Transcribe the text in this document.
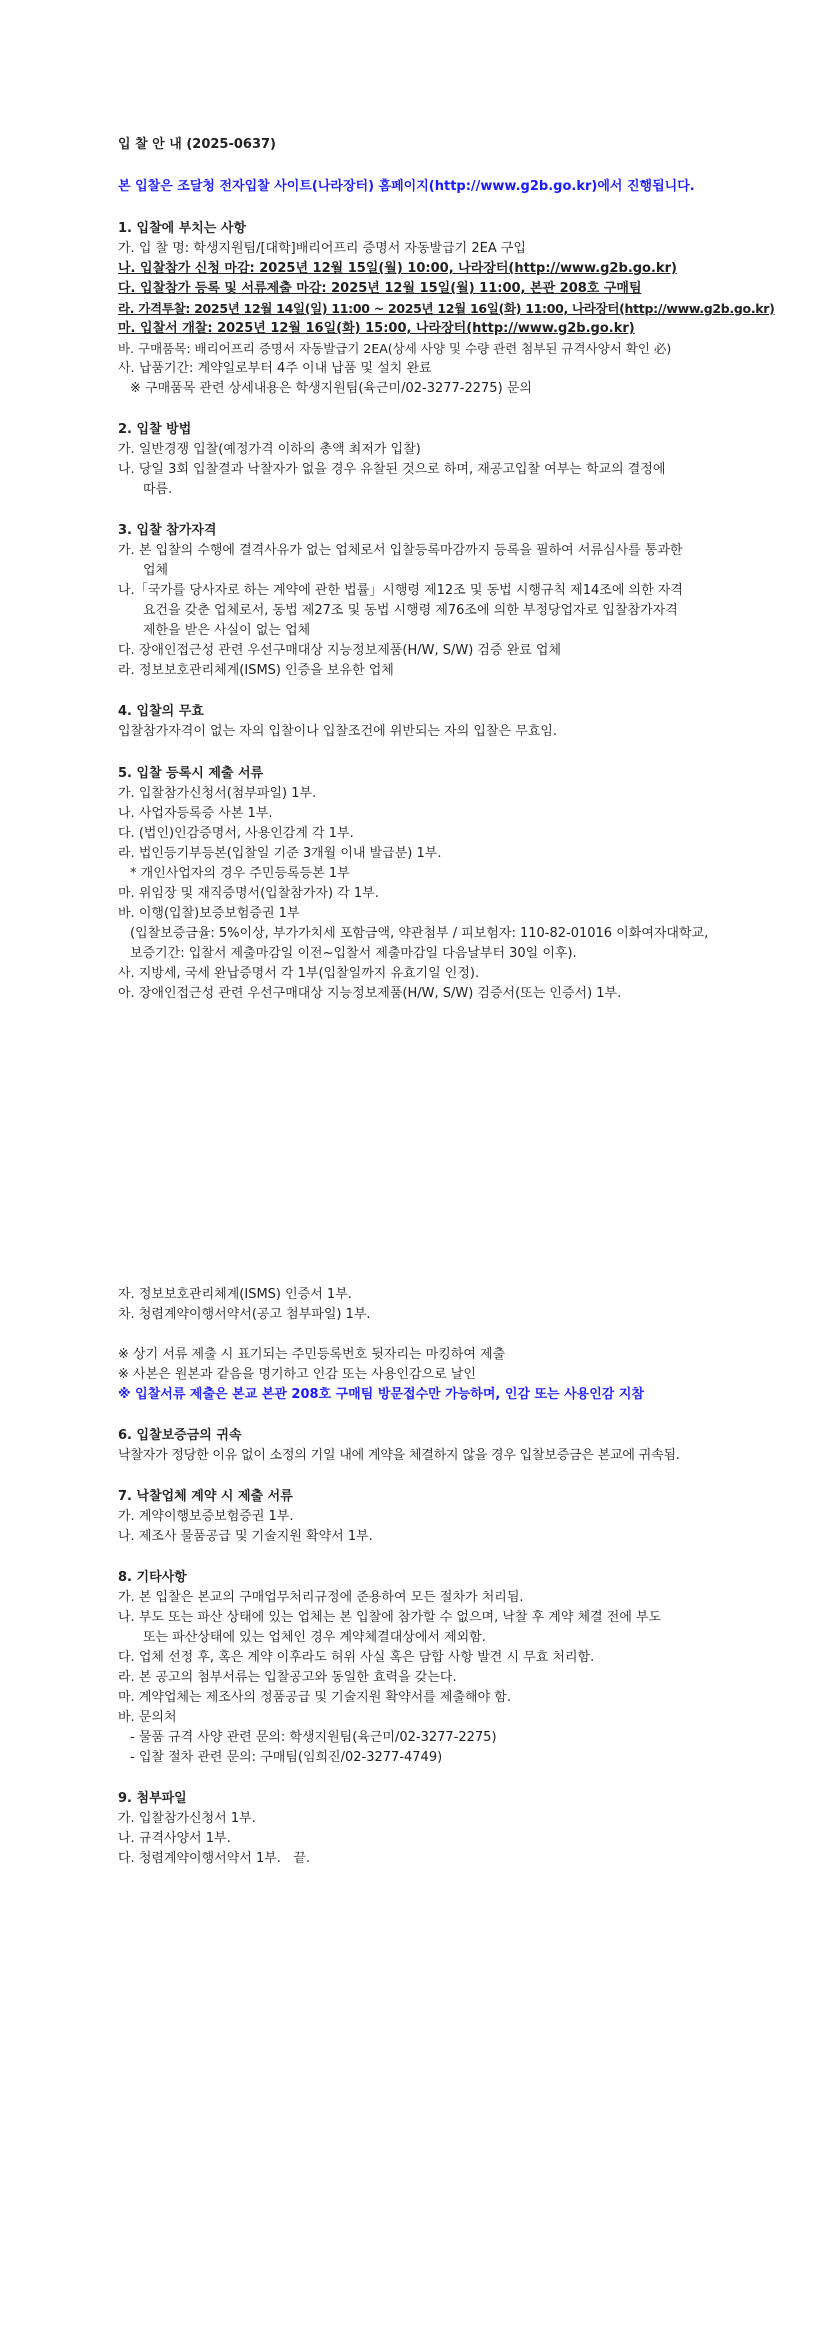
입 찰 안 내 (2025-0637)
본 입찰은 조달청 전자입찰 사이트(나라장터) 홈페이지(http://www.g2b.go.kr)에서 진행됩니다.
1. 입찰에 부치는 사항
가. 입 찰 명: 학생지원팀/[대학]배리어프리 증명서 자동발급기 2EA 구입
나. 입찰참가 신청 마감: 2025년 12월 15일(월) 10:00, 나라장터(http://www.g2b.go.kr)
다. 입찰참가 등록 및 서류제출 마감: 2025년 12월 15일(월) 11:00, 본관 208호 구매팀
라. 가격투찰: 2025년 12월 14일(일) 11:00 ~ 2025년 12월 16일(화) 11:00, 나라장터(http://www.g2b.go.kr)
마. 입찰서 개찰: 2025년 12월 16일(화) 15:00, 나라장터(http://www.g2b.go.kr)
바. 구매품목: 배리어프리 증명서 자동발급기 2EA(상세 사양 및 수량 관련 첨부된 규격사양서 확인 必)
사. 납품기간: 계약일로부터 4주 이내 납품 및 설치 완료
※ 구매품목 관련 상세내용은 학생지원팀(육근미/02-3277-2275) 문의
2. 입찰 방법
가. 일반경쟁 입찰(예정가격 이하의 총액 최저가 입찰)
나. 당일 3회 입찰결과 낙찰자가 없을 경우 유찰된 것으로 하며, 재공고입찰 여부는 학교의 결정에
따름.
3. 입찰 참가자격
가. 본 입찰의 수행에 결격사유가 없는 업체로서 입찰등록마감까지 등록을 필하여 서류심사를 통과한
업체
나.「국가를 당사자로 하는 계약에 관한 법률」시행령 제12조 및 동법 시행규칙 제14조에 의한 자격
요건을 갖춘 업체로서, 동법 제27조 및 동법 시행령 제76조에 의한 부정당업자로 입찰참가자격
제한을 받은 사실이 없는 업체
다. 장애인접근성 관련 우선구매대상 지능정보제품(H/W, S/W) 검증 완료 업체
라. 정보보호관리체계(ISMS) 인증을 보유한 업체
4. 입찰의 무효
입찰참가자격이 없는 자의 입찰이나 입찰조건에 위반되는 자의 입찰은 무효임.
5. 입찰 등록시 제출 서류
가. 입찰참가신청서(첨부파일) 1부.
나. 사업자등록증 사본 1부.
다. (법인)인감증명서, 사용인감계 각 1부.
라. 법인등기부등본(입찰일 기준 3개월 이내 발급분) 1부.
* 개인사업자의 경우 주민등록등본 1부
마. 위임장 및 재직증명서(입찰참가자) 각 1부.
바. 이행(입찰)보증보험증권 1부
(입찰보증금율: 5%이상, 부가가치세 포함금액, 약관첨부 / 피보험자: 110-82-01016 이화여자대학교,
보증기간: 입찰서 제출마감일 이전~입찰서 제출마감일 다음날부터 30일 이후).
사. 지방세, 국세 완납증명서 각 1부(입찰일까지 유효기일 인정).
아. 장애인접근성 관련 우선구매대상 지능정보제품(H/W, S/W) 검증서(또는 인증서) 1부.
자. 정보보호관리체계(ISMS) 인증서 1부.
차. 청렴계약이행서약서(공고 첨부파일) 1부.
※ 상기 서류 제출 시 표기되는 주민등록번호 뒷자리는 마킹하여 제출
※ 사본은 원본과 같음을 명기하고 인감 또는 사용인감으로 날인
※ 입찰서류 제출은 본교 본관 208호 구매팀 방문접수만 가능하며, 인감 또는 사용인감 지참
6. 입찰보증금의 귀속
낙찰자가 정당한 이유 없이 소정의 기일 내에 계약을 체결하지 않을 경우 입찰보증금은 본교에 귀속됨.
7. 낙찰업체 계약 시 제출 서류
가. 계약이행보증보험증권 1부.
나. 제조사 물품공급 및 기술지원 확약서 1부.
8. 기타사항
가. 본 입찰은 본교의 구매업무처리규정에 준용하여 모든 절차가 처리됨.
나. 부도 또는 파산 상태에 있는 업체는 본 입찰에 참가할 수 없으며, 낙찰 후 계약 체결 전에 부도
또는 파산상태에 있는 업체인 경우 계약체결대상에서 제외함.
다. 업체 선정 후, 혹은 계약 이후라도 허위 사실 혹은 담합 사항 발견 시 무효 처리함.
라. 본 공고의 첨부서류는 입찰공고와 동일한 효력을 갖는다.
마. 계약업체는 제조사의 정품공급 및 기술지원 확약서를 제출해야 함.
바. 문의처
- 물품 규격 사양 관련 문의: 학생지원팀(육근미/02-3277-2275)
- 입찰 절차 관련 문의: 구매팀(임희진/02-3277-4749)
9. 첨부파일
가. 입찰참가신청서 1부.
나. 규격사양서 1부.
다. 청렴계약이행서약서 1부.   끝.
